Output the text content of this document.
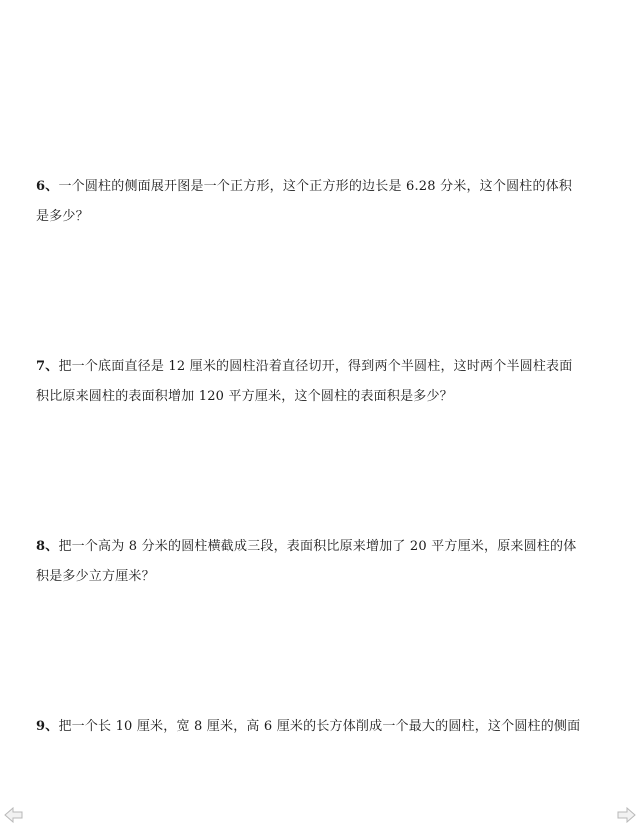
6、一个圆柱的侧面展开图是一个正方形，这个正方形的边长是 6.28 分米，这个圆柱的体积
是多少？
7、把一个底面直径是 12 厘米的圆柱沿着直径切开，得到两个半圆柱，这时两个半圆柱表面
积比原来圆柱的表面积增加 120 平方厘米，这个圆柱的表面积是多少？
8、把一个高为 8 分米的圆柱横截成三段，表面积比原来增加了 20 平方厘米，原来圆柱的体
积是多少立方厘米？
9、把一个长 10 厘米，宽 8 厘米，高 6 厘米的长方体削成一个最大的圆柱，这个圆柱的侧面
